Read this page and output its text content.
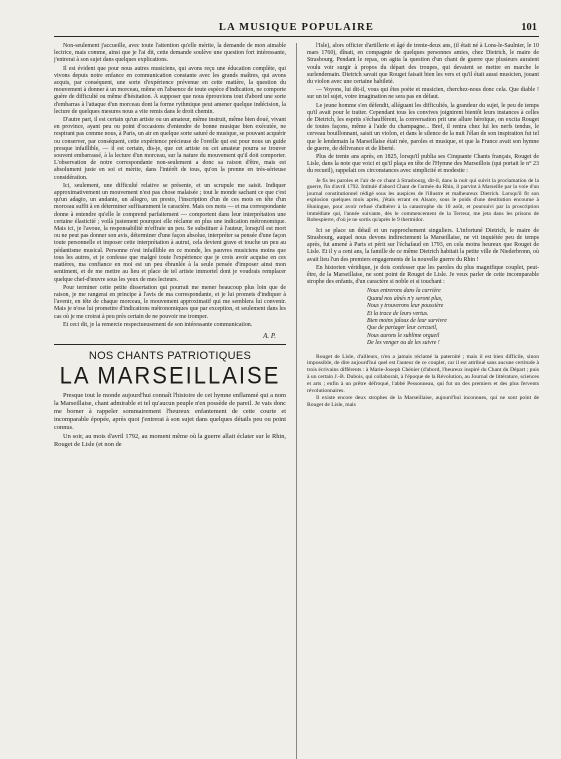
LA MUSIQUE POPULAIRE	101

Non-seulement j'accueille, avec toute l'attention qu'elle mérite, la demande de mon aimable lectrice, mais comme, ainsi que je l'ai dit, cette demande soulève une question fort intéressante, j'entrerai à son sujet dans quelques explications.

Il est évident que pour nous autres musiciens, qui avons reçu une éducation complète, qui vivons depuis notre enfance en communication constante avec les grands maîtres, qui avons acquis, par conséquent, une sorte d'expérience prévenue en cette matière, la question du mouvement à donner à un morceau, même en l'absence de toute espèce d'indication, ne comporte guère de difficulté ou même d'hésitation. À supposer que nous éprouvions tout d'abord une sorte d'embarras à l'attaque d'un morceau dont la forme rythmique peut amener quelque indécision, la lecture de quelques mesures nous a vite remis dans le droit chemin.

D'autre part, il est certain qu'un artiste ou un amateur, même instruit, même bien doué, vivant en province, ayant peu ou point d'occasions d'entendre de bonne musique bien exécutée, ne respirant pas comme nous, à Paris, un air en quelque sorte saturé de musique, se pouvant acquérir ou conserver, par conséquent, cette expérience précieuse de l'oreille qui est pour nous un guide presque infaillible, — il est certain, dis-je, que cet artiste ou cet amateur pourra se trouver souvent embarrassé, à la lecture d'un morceau, sur la nature du mouvement qu'il doit comporter. L'observation de notre correspondante non-seulement a donc sa raison d'être, mais est absolument juste en soi et mérite, dans l'intérêt de tous, qu'on la prenne en très-sérieuse considération.

Ici, seulement, une difficulté relative se présente, et un scrupule me saisit. Indiquer approximativement un mouvement n'est pas chose malaisée ; tout le monde sachant ce que c'est qu'un adagio, un andante, un allegro, un presto, l'inscription d'un de ces mots en tête d'un morceau suffit à en déterminer suffisamment le caractère. Mais ces mots — et ma correspondante donne à entendre qu'elle le comprend parfaitement — comportent dans leur interprétation une certaine élasticité ; voilà justement pourquoi elle réclame en plus une indication métronomique. Mais ici, je l'avoue, la responsabilité m'effraie un peu. Se substituer à l'auteur, lorsqu'il est mort ou ne peut pas donner son avis, déterminer d'une façon absolue, interpréter sa pensée d'une façon toute personnelle et imposer cette interprétation à autrui, cela devient grave et touche un peu au pédantisme musical. Personne n'est infaillible en ce monde, les pauvres musiciens moins que tous les autres, et je confesse que malgré toute l'expérience que je crois avoir acquise en ces matières, ma confiance en moi est un peu ébranlée à la seule pensée d'imposer ainsi mon sentiment, et de me mettre au lieu et place de tel artiste immortel dont je voudrais remplacer quelque chef-d'œuvre sous les yeux de mes lecteurs.

Pour terminer cette petite dissertation qui pourrait me mener beaucoup plus loin que de raison, je me rangerai en principe à l'avis de ma correspondante, et je lui promets d'indiquer à l'avenir, en tête de chaque morceau, le mouvement approximatif qui me semblera lui convenir. Mais je n'ose lui promettre d'indications métronomiques que par exception, et seulement dans les cas où je me croirai à peu près certain de ne pouvoir me tromper.

Et ceci dit, je la remercie respectueusement de son intéressante communication.

A. P.
NOS CHANTS PATRIOTIQUES
LA MARSEILLAISE

Presque tout le monde aujourd'hui connaît l'histoire de cet hymne enflammé qui a nom la Marseillaise, chant admirable et tel qu'aucun peuple n'en possède de pareil. Je vais donc me borner à rappeler sommairement l'heureux enfantement de cette courte et incomparable épopée, après quoi j'entrerai à son sujet dans quelques détails peu ou point connus.

Un soir, au mois d'avril 1792, au moment même où la guerre allait éclater sur le Rhin, Rouget de Lisle (et non de

l'Isle), alors officier d'artillerie et âgé de trente-deux ans, (il était né à Lons-le-Saulnier, le 10 mars 1760), dînait, en compagnie de quelques personnes amies, chez Dietrich, le maire de Strasbourg. Pendant le repas, on agita la question d'un chant de guerre que plusieurs auraient voulu voir surgir à propos du départ des troupes, qui devaient se mettre en marche le surlendemain. Dietrich savait que Rouget faisait bien les vers et qu'il était aussi musicien, jouant du violon avec une certaine habileté.

— Voyons, lui dit-il, vous qui êtes poète et musicien, cherchez-nous donc cela. Que diable ! sur un tel sujet, votre imagination ne sera pas en défaut.

Le jeune homme s'en défendit, alléguant les difficultés, la grandeur du sujet, le peu de temps qu'il avait pour le traiter. Cependant tous les convives joignirent bientôt leurs instances à celles de Dietrich, les esprits s'échauffèrent, la conversation prit une allure héroïque, on excita Rouget de toutes façons, même à l'aide du champagne... Bref, il rentra chez lui les nerfs tendus, le cerveau bouillonnant, saisit un violon, et dans le silence de la nuit l'élan de son inspiration fut tel que le lendemain la Marseillaise était née, paroles et musique, et que la France avait son hymne de guerre, de délivrance et de liberté.

Plus de trente ans après, en 1825, lorsqu'il publia ses Cinquante Chants français, Rouget de Lisle, dans la note que voici et qu'il plaça en tête de l'Hymne des Marseillois (qui portait le n° 23 du recueil), rappelait ces circonstances avec simplicité et modestie :

Je fis les paroles et l'air de ce chant à Strasbourg, dit-il, dans la nuit qui suivit la proclamation de la guerre, fin d'avril 1792. Intitulé d'abord Chant de l'armée du Rhin, il parvint à Marseille par la voie d'un journal constitutionnel rédigé sous les auspices de l'illustre et malheureux Dietrich. Lorsqu'il fit son explosion quelques mois après, j'étais errant en Alsace, sous le poids d'une destitution encourue à Huningue, pour avoir refusé d'adhérer à la catastrophe du 10 août, et poursuivi par la proscription immédiate qui, l'année suivante, dès le commencement de la Terreur, me jeta dans les prisons de Robespierre, d'où je ne sortis qu'après le 9 thermidor.

Ici se place un détail et un rapprochement singuliers. L'infortuné Dietrich, le maire de Strasbourg, auquel nous devons indirectement la Marseillaise, ne vit inquiétée peu de temps après, fut amené à Paris et périt sur l'échafaud en 1793, en cela moins heureux que Rouget de Lisle. Et il y a cent ans, la famille de ce même Dietrich habitait la petite ville de Niederbronn, où avait lieu l'un des premiers engagements de la nouvelle guerre du Rhin !

En historien véridique, je dois confesser que les paroles du plus magnifique couplet, peut-être, de la Marseillaise, ne sont point de Rouget de Lisle. Je veux parler de cette incomparable strophe des enfants, d'un caractère si noble et si touchant :

Nous entrerons dans la carrière
Quand nos aînés n'y seront plus,
Nous y trouverons leur poussière
Et la trace de leurs vertus.
Bien moins jaloux de leur survivre
Que de partager leur cercueil,
Nous aurons le sublime orgueil
De les venger ou de les suivre !

Rouget de Lisle, d'ailleurs, n'en a jamais réclamé la paternité ; mais il est bien difficile, sinon impossible, de dire aujourd'hui quel est l'auteur de ce couplet, car il est attribué sans aucune certitude à trois écrivains différents : à Marie-Joseph Chénier (d'abord, l'heureux inspiré du Chant du Départ ; puis à un certain J.-B. Dubois, qui collaborait, à l'époque de la Révolution, au Journal de littérature, sciences et arts ; enfin à un prêtre défroqué, l'abbé Pessonneau, qui fut un des premiers et des plus fervents révolutionnaires.

Il existe encore deux strophes de la Marseillaise, aujourd'hui inconnues, qui ne sont point de Rouget de Lisle, mais
